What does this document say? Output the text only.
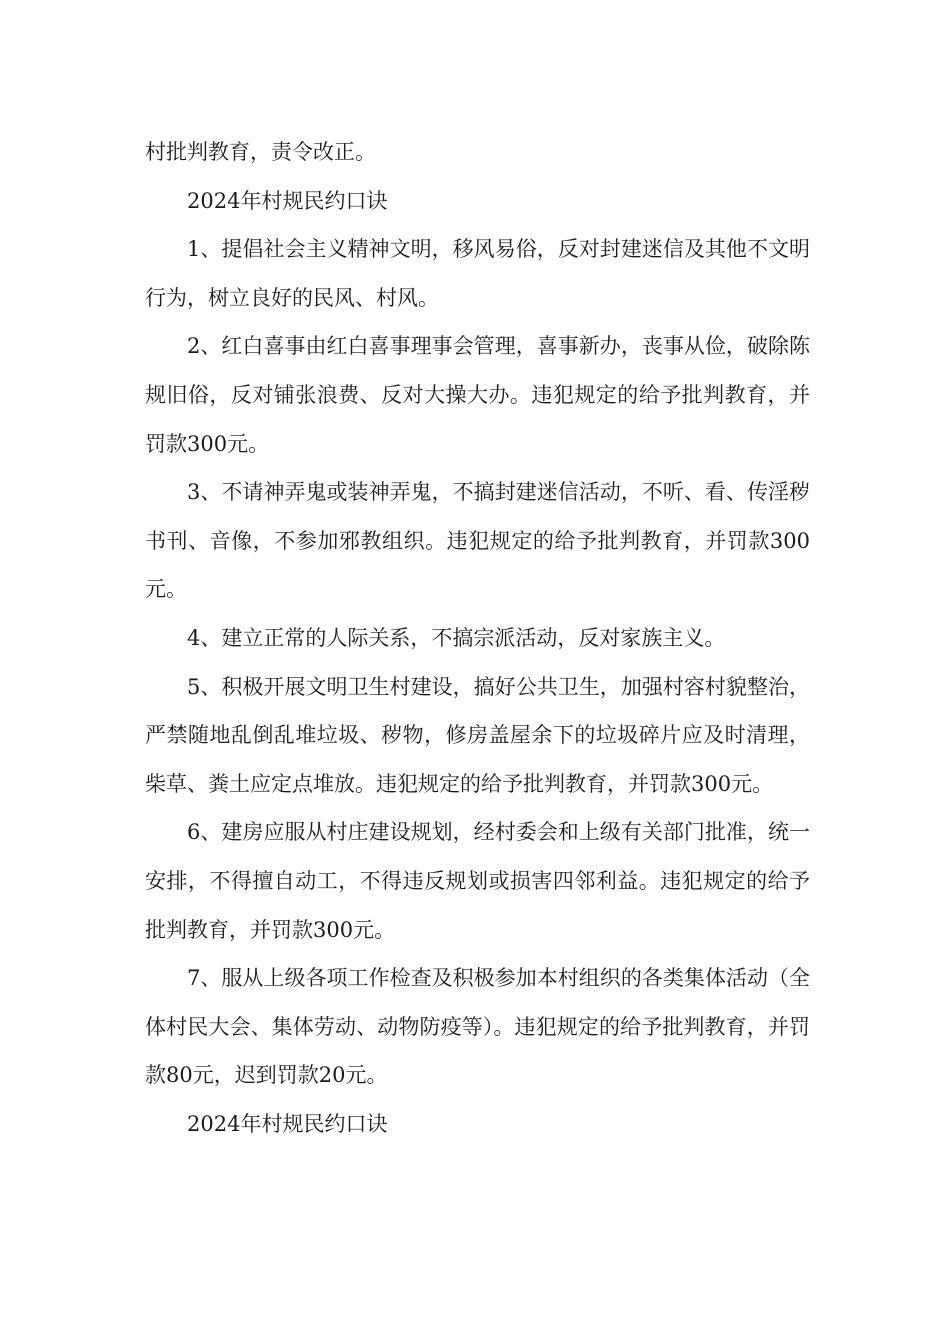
村批判教育，责令改正。

2024年村规民约口诀

1、提倡社会主义精神文明，移风易俗，反对封建迷信及其他不文明行为，树立良好的民风、村风。

2、红白喜事由红白喜事理事会管理，喜事新办，丧事从俭，破除陈规旧俗，反对铺张浪费、反对大操大办。违犯规定的给予批判教育，并罚款300元。

3、不请神弄鬼或装神弄鬼，不搞封建迷信活动，不听、看、传淫秽书刊、音像，不参加邪教组织。违犯规定的给予批判教育，并罚款300元。

4、建立正常的人际关系，不搞宗派活动，反对家族主义。

5、积极开展文明卫生村建设，搞好公共卫生，加强村容村貌整治，严禁随地乱倒乱堆垃圾、秽物，修房盖屋余下的垃圾碎片应及时清理，柴草、粪土应定点堆放。违犯规定的给予批判教育，并罚款300元。

6、建房应服从村庄建设规划，经村委会和上级有关部门批准，统一安排，不得擅自动工，不得违反规划或损害四邻利益。违犯规定的给予批判教育，并罚款300元。

7、服从上级各项工作检查及积极参加本村组织的各类集体活动（全体村民大会、集体劳动、动物防疫等）。违犯规定的给予批判教育，并罚款80元，迟到罚款20元。

2024年村规民约口诀
